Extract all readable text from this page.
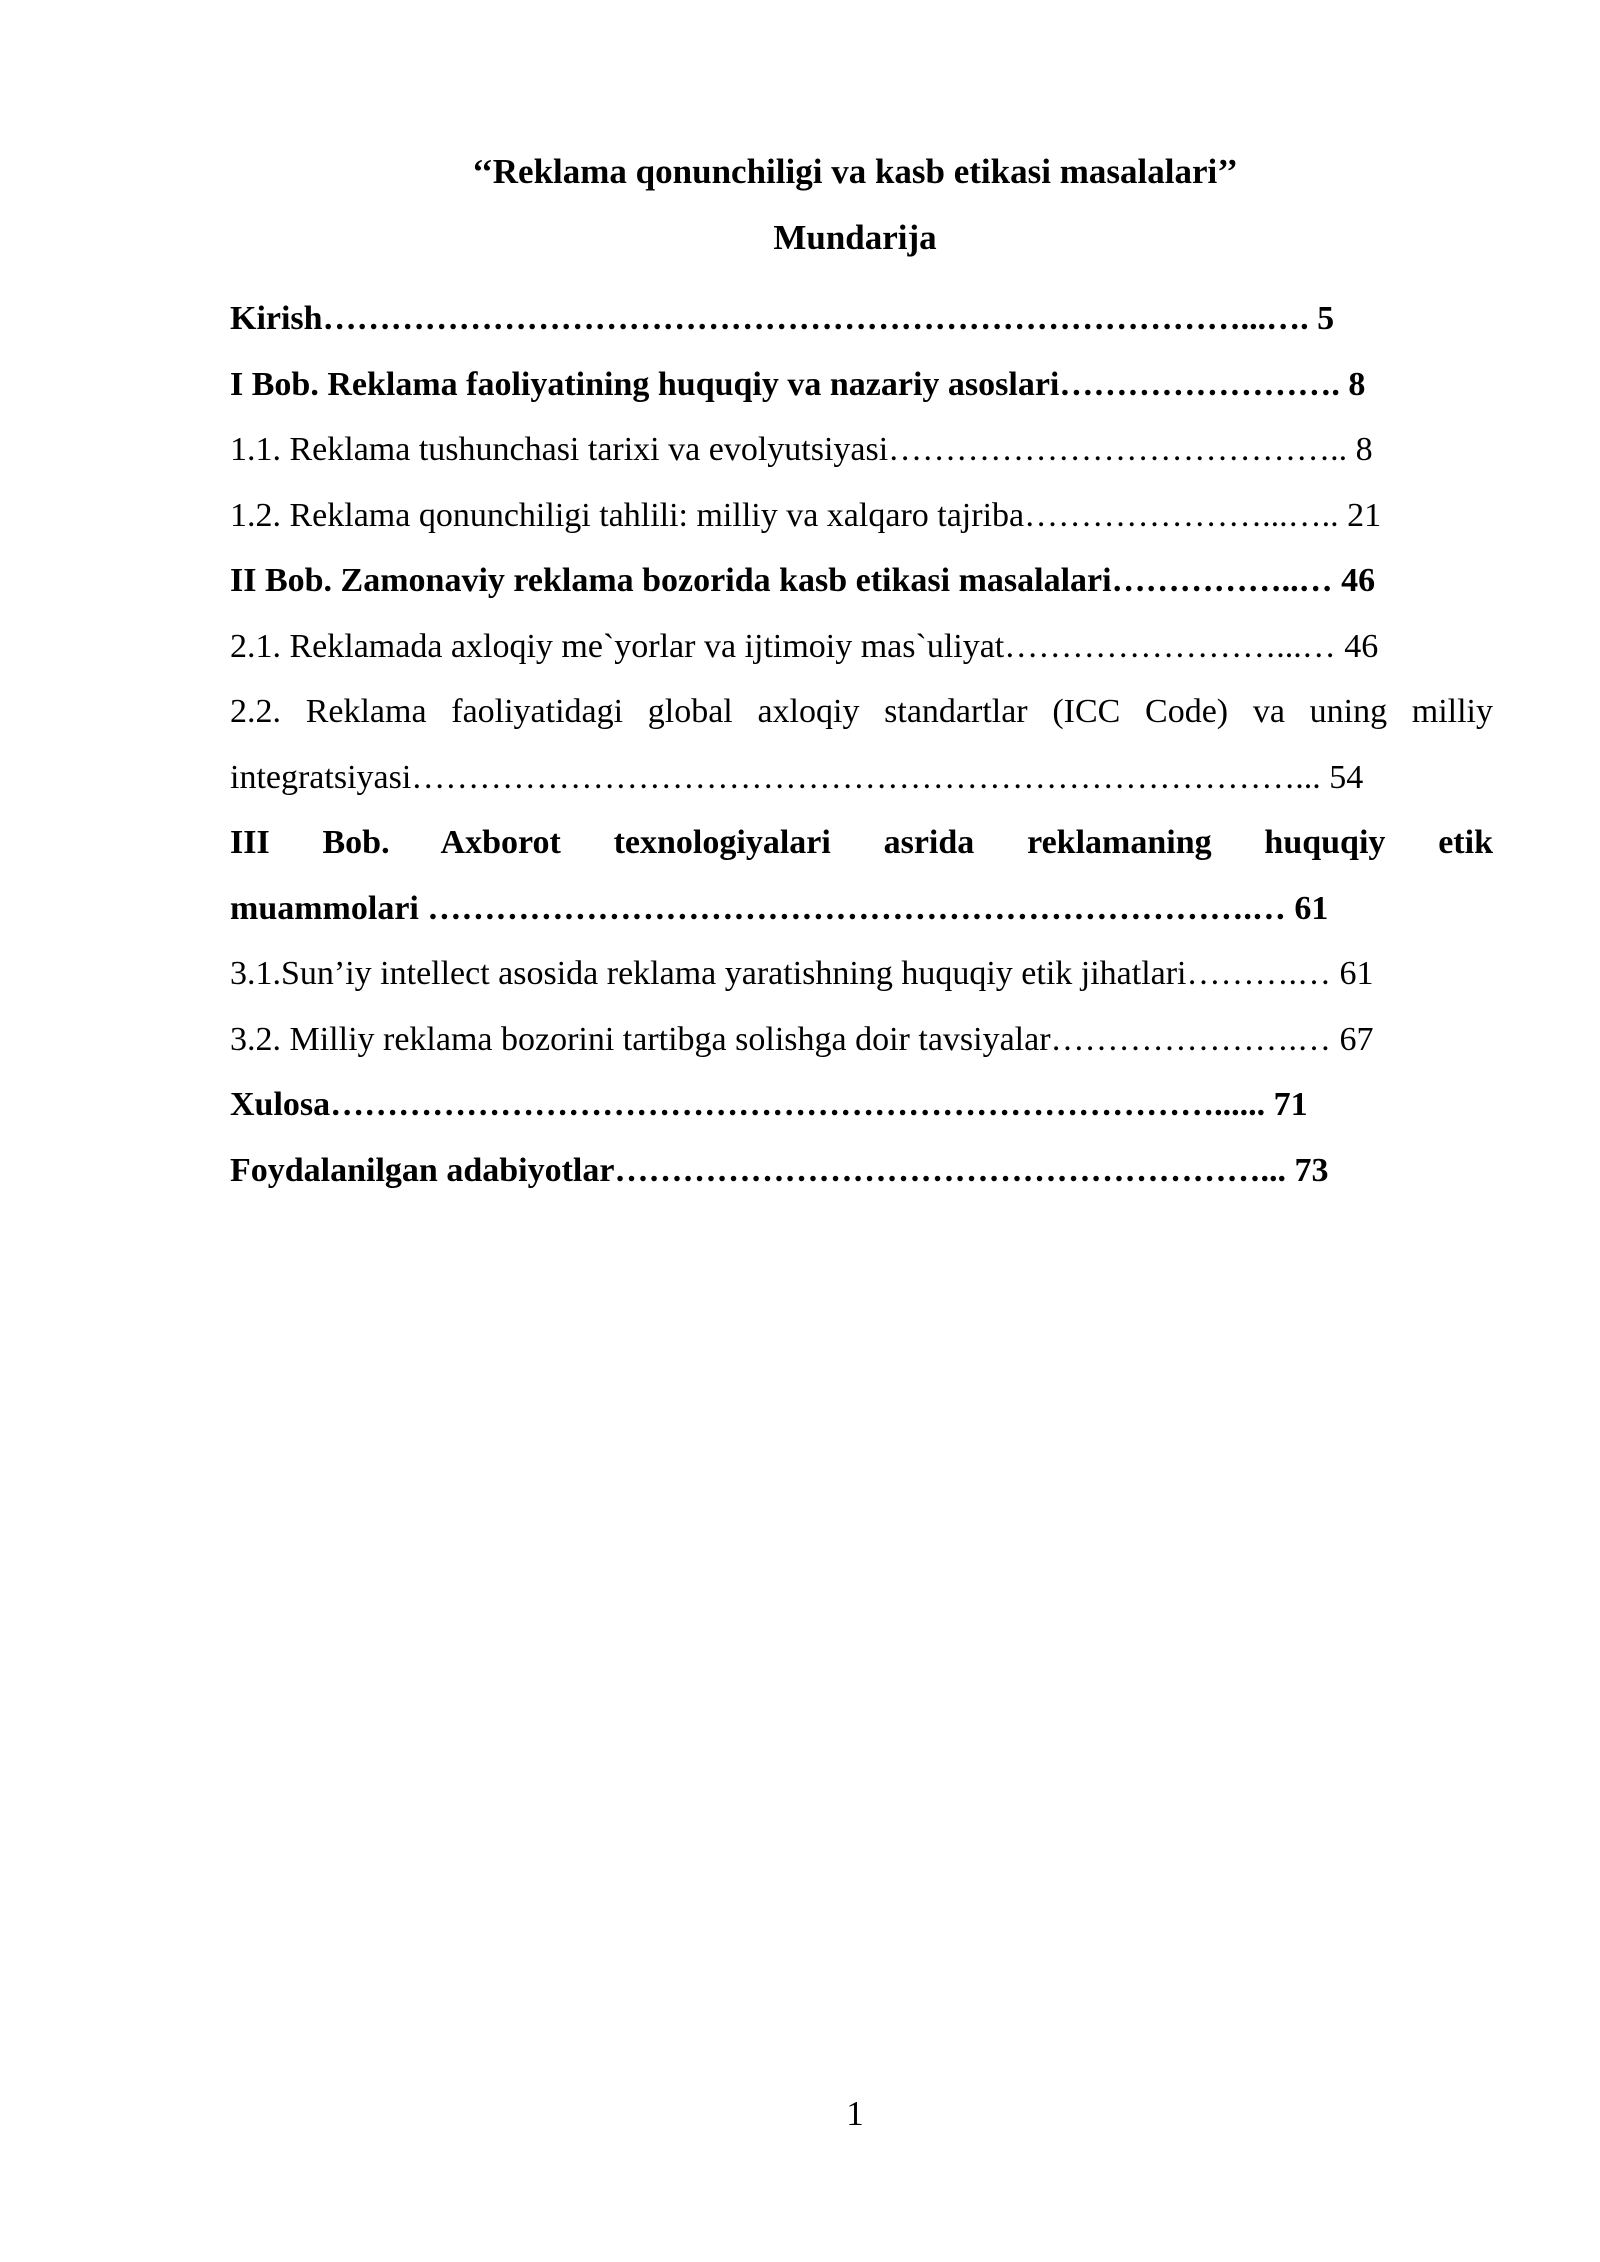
‘‘Reklama qonunchiligi va kasb etikasi masalalari’’
Mundarija
Kirish………………………………………………………………………...…. 5
I Bob. Reklama faoliyatining huquqiy va nazariy asoslari……………………. 8
1.1. Reklama tushunchasi tarixi va evolyutsiyasi………………………………….. 8
1.2. Reklama qonunchiligi tahlili: milliy va xalqaro tajriba…………………...….. 21
II Bob. Zamonaviy reklama bozorida kasb etikasi masalalari……………..… 46
2.1. Reklamada axloqiy me`yorlar va ijtimoiy mas`uliyat……………………...… 46
2.2. Reklama faoliyatidagi global axloqiy standartlar (ICC Code) va uning milliy
integratsiyasi……………………………………………………………………... 54
III Bob. Axborot texnologiyalari asrida reklamaning huquqiy etik
muammolari ……………………………………………………………….… 61
3.1.Sun’iy intellect asosida reklama yaratishning huquqiy etik jihatlari……….… 61
3.2. Milliy reklama bozorini tartibga solishga doir tavsiyalar………………….… 67
Xulosa……………………………………………………………………...... 71
Foydalanilgan adabiyotlar…………………………………………………... 73
1
